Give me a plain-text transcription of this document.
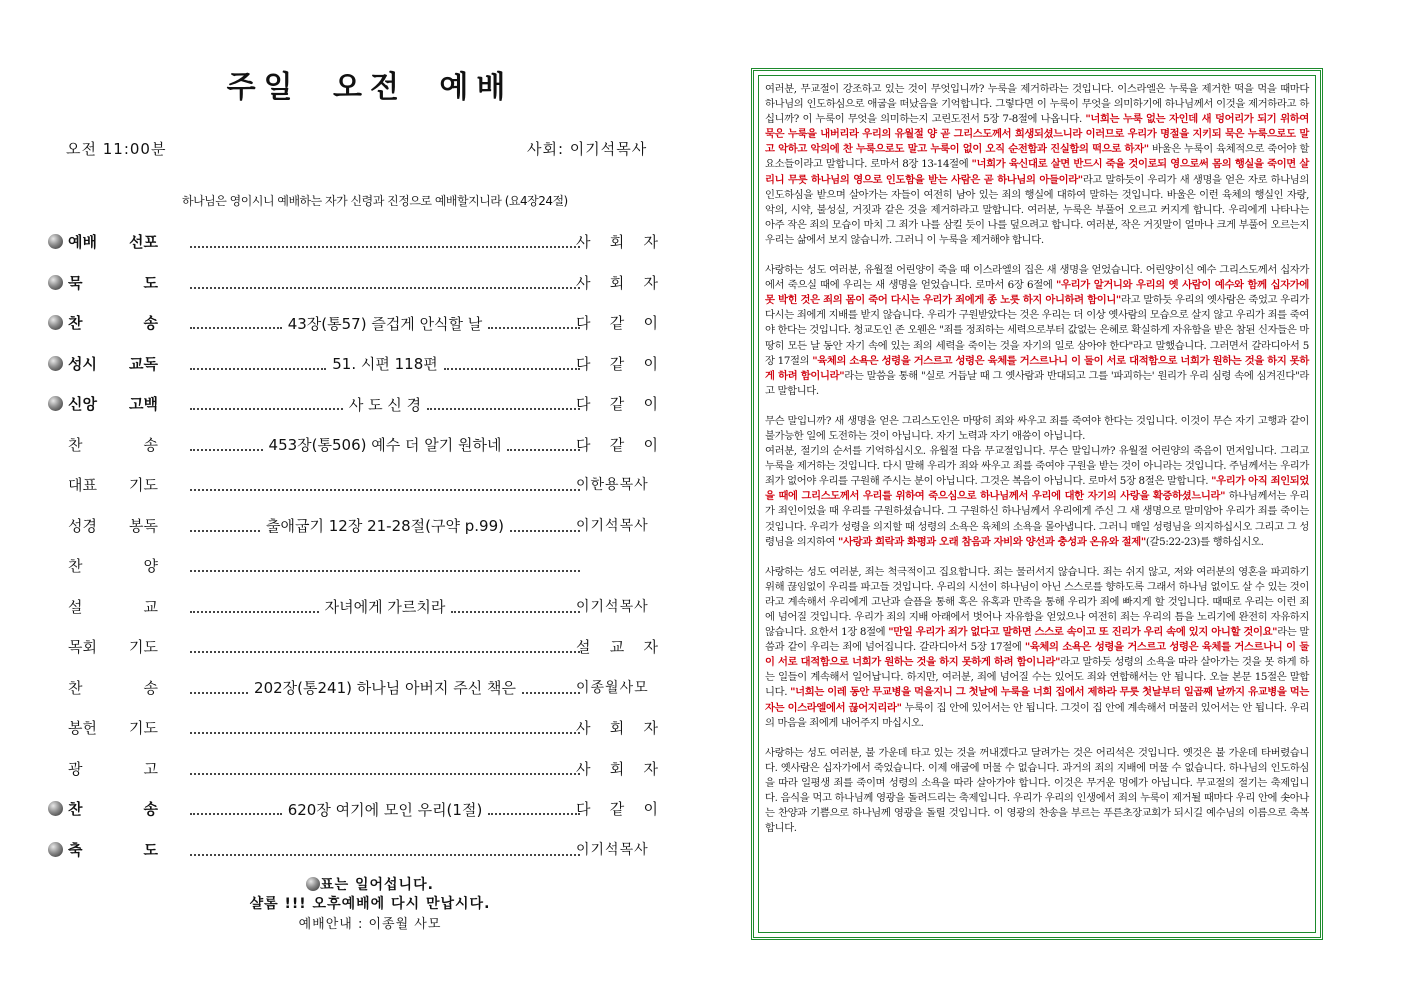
주일 오전 예배
오전 11:00분	사회: 이기석목사
하나님은 영이시니 예배하는 자가 신령과 진정으로 예배할지니라 (요4장24절)
예배 선포	사 회 자
묵	도	사 회 자
찬	송	43장(통57) 즐겁게 안식할 날	다 같 이
성시 교독	51. 시편 118편	다 같 이
신앙 고백	사 도 신 경	다 같 이
찬	송	453장(통506) 예수 더 알기 원하네	다 같 이
대표 기도	이한용목사
성경 봉독	출애굽기 12장 21-28절(구약 p.99)	이기석목사
찬	양
설	교	자녀에게 가르치라	이기석목사
목회 기도	설 교 자
찬	송	202장(통241) 하나님 아버지 주신 책은	이종월사모
봉헌 기도	사 회 자
광	고	사 회 자
찬	송	620장 여기에 모인 우리(1절)	다 같 이
축	도	이기석목사
표는 일어섭니다.
샬롬 !!! 오후예배에 다시 만납시다.
예배안내 : 이종월 사모

여러분, 무교절이 강조하고 있는 것이 무엇입니까? 누룩을 제거하라는 것입니다. 이스라엘은 누룩을 제거한 떡을 먹을 때마다 하나님의 인도하심으로 애굽을 떠났음을 기억합니다. 그렇다면 이 누룩이 무엇을 의미하기에 하나님께서 이것을 제거하라고 하십니까? 이 누룩이 무엇을 의미하는지 고린도전서 5장 7-8절에 나옵니다. "너희는 누룩 없는 자인데 새 덩어리가 되기 위하여 묵은 누룩을 내버리라 우리의 유월절 양 곧 그리스도께서 희생되셨느니라 이러므로 우리가 명절을 지키되 묵은 누룩으로도 말고 악하고 악의에 찬 누룩으로도 말고 누룩이 없이 오직 순전함과 진실함의 떡으로 하자" 바울은 누룩이 육체적으로 죽어야 할 요소들이라고 말합니다. 로마서 8장 13-14절에 "너희가 육신대로 살면 반드시 죽을 것이로되 영으로써 몸의 행실을 죽이면 살리니 무릇 하나님의 영으로 인도함을 받는 사람은 곧 하나님의 아들이라"라고 말하듯이 우리가 새 생명을 얻은 자로 하나님의 인도하심을 받으며 살아가는 자들이 여전히 남아 있는 죄의 행실에 대하여 말하는 것입니다. 바울은 이런 육체의 행실인 자랑, 악의, 시약, 불성실, 거짓과 같은 것을 제거하라고 말합니다. 여러분, 누룩은 부풀어 오르고 커지게 합니다. 우리에게 나타나는 아주 작은 죄의 모습이 마치 그 죄가 나를 삼킬 듯이 나를 덮으려고 합니다. 여러분, 작은 거짓말이 얼마나 크게 부풀어 오르는지 우리는 삶에서 보지 않습니까. 그러니 이 누룩을 제거해야 합니다.

사랑하는 성도 여러분, 유월절 어린양이 죽을 때 이스라엘의 집은 새 생명을 얻었습니다. 어린양이신 예수 그리스도께서 십자가에서 죽으실 때에 우리는 새 생명을 얻었습니다. 로마서 6장 6절에 "우리가 알거니와 우리의 옛 사람이 예수와 함께 십자가에 못 박힌 것은 죄의 몸이 죽어 다시는 우리가 죄에게 종 노릇 하지 아니하려 함이니"라고 말하듯 우리의 옛사람은 죽었고 우리가 다시는 죄에게 지배를 받지 않습니다. 우리가 구원받았다는 것은 우리는 더 이상 옛사람의 모습으로 살지 않고 우리가 죄를 죽여야 한다는 것입니다. 청교도인 존 오웬은 "죄를 정죄하는 세력으로부터 값없는 은혜로 확실하게 자유함을 받은 참된 신자들은 마땅히 모든 날 동안 자기 속에 있는 죄의 세력을 죽이는 것을 자기의 일로 삼아야 한다"라고 말했습니다. 그러면서 갈라디아서 5장 17절의 "육체의 소욕은 성령을 거스르고 성령은 육체를 거스르나니 이 둘이 서로 대적함으로 너희가 원하는 것을 하지 못하게 하려 함이니라"라는 말씀을 통해 "실로 거듭날 때 그 옛사람과 반대되고 그를 '파괴하는' 원리가 우리 심령 속에 심겨진다"라고 말합니다.

무슨 말입니까? 새 생명을 얻은 그리스도인은 마땅히 죄와 싸우고 죄를 죽여야 한다는 것입니다. 이것이 무슨 자기 고행과 같이 불가능한 일에 도전하는 것이 아닙니다. 자기 노력과 자기 애씀이 아닙니다.

여러분, 절기의 순서를 기억하십시오. 유월절 다음 무교절입니다. 무슨 말입니까? 유월절 어린양의 죽음이 먼저입니다. 그리고 누룩을 제거하는 것입니다. 다시 말해 우리가 죄와 싸우고 죄를 죽여야 구원을 받는 것이 아니라는 것입니다. 주님께서는 우리가 죄가 없어야 우리를 구원해 주시는 분이 아닙니다. 그것은 복음이 아닙니다. 로마서 5장 8절은 말합니다. "우리가 아직 죄인되었을 때에 그리스도께서 우리를 위하여 죽으심으로 하나님께서 우리에 대한 자기의 사랑을 확증하셨느니라" 하나님께서는 우리가 죄인이었을 때 우리를 구원하셨습니다. 그 구원하신 하나님께서 우리에게 주신 그 새 생명으로 말미암아 우리가 죄를 죽이는 것입니다. 우리가 성령을 의지할 때 성령의 소욕은 육체의 소욕을 몰아냅니다. 그러니 매일 성령님을 의지하십시오 그리고 그 성령님을 의지하여 "사랑과 희락과 화평과 오래 참음과 자비와 양선과 충성과 온유와 절제"(갈5:22-23)를 행하십시오.

사랑하는 성도 여러분, 죄는 척극적이고 집요합니다. 죄는 물러서지 않습니다. 죄는 쉬지 않고, 저와 여러분의 영혼을 파괴하기 위해 끊임없이 우리를 파고들 것입니다. 우리의 시선이 하나님이 아닌 스스로를 향하도록 그래서 하나님 없이도 살 수 있는 것이라고 계속해서 우리에게 고난과 슬픔을 통해 혹은 유혹과 만족을 통해 우리가 죄에 빠지게 할 것입니다. 때때로 우리는 이런 죄에 넘어질 것입니다. 우리가 죄의 지배 아래에서 벗어나 자유함을 얻었으나 여전히 죄는 우리의 틈을 노리기에 완전히 자유하지 않습니다. 요한서 1장 8절에 "만일 우리가 죄가 없다고 말하면 스스로 속이고 또 진리가 우리 속에 있지 아니할 것이요"라는 말씀과 같이 우리는 죄에 넘어집니다. 갈라디아서 5장 17절에 "육체의 소욕은 성령을 거스르고 성령은 육체를 거스르나니 이 둘이 서로 대적함으로 너희가 원하는 것을 하지 못하게 하려 함이니라"라고 말하듯 성령의 소욕을 따라 살아가는 것을 못 하게 하는 일들이 계속해서 일어납니다. 하지만, 여러분, 죄에 넘어질 수는 있어도 죄와 연합해서는 안 됩니다. 오늘 본문 15절은 말합니다. "너희는 이레 동안 무교병을 먹을지니 그 첫날에 누룩을 너희 집에서 제하라 무릇 첫날부터 일곱째 날까지 유교병을 먹는 자는 이스라엘에서 끊어지리라" 누룩이 집 안에 있어서는 안 됩니다. 그것이 집 안에 계속해서 머물러 있어서는 안 됩니다. 우리의 마음을 죄에게 내어주지 마십시오.

사랑하는 성도 여러분, 불 가운데 타고 있는 것을 꺼내겠다고 달려가는 것은 어리석은 것입니다. 옛것은 불 가운데 타버렸습니다. 옛사람은 십자가에서 죽었습니다. 이제 애굽에 머물 수 없습니다. 과거의 죄의 지배에 머물 수 없습니다. 하나님의 인도하심을 따라 일평생 죄를 죽이며 성령의 소욕을 따라 살아가야 합니다. 이것은 무거운 멍에가 아닙니다. 무교절의 절기는 축제입니다. 음식을 먹고 하나님께 영광을 돌려드리는 축제입니다. 우리가 우리의 인생에서 죄의 누룩이 제거될 때마다 우리 안에 솟아나는 찬양과 기쁨으로 하나님께 영광을 돌릴 것입니다. 이 영광의 찬송을 부르는 푸른초장교회가 되시길 예수님의 이름으로 축복합니다.
